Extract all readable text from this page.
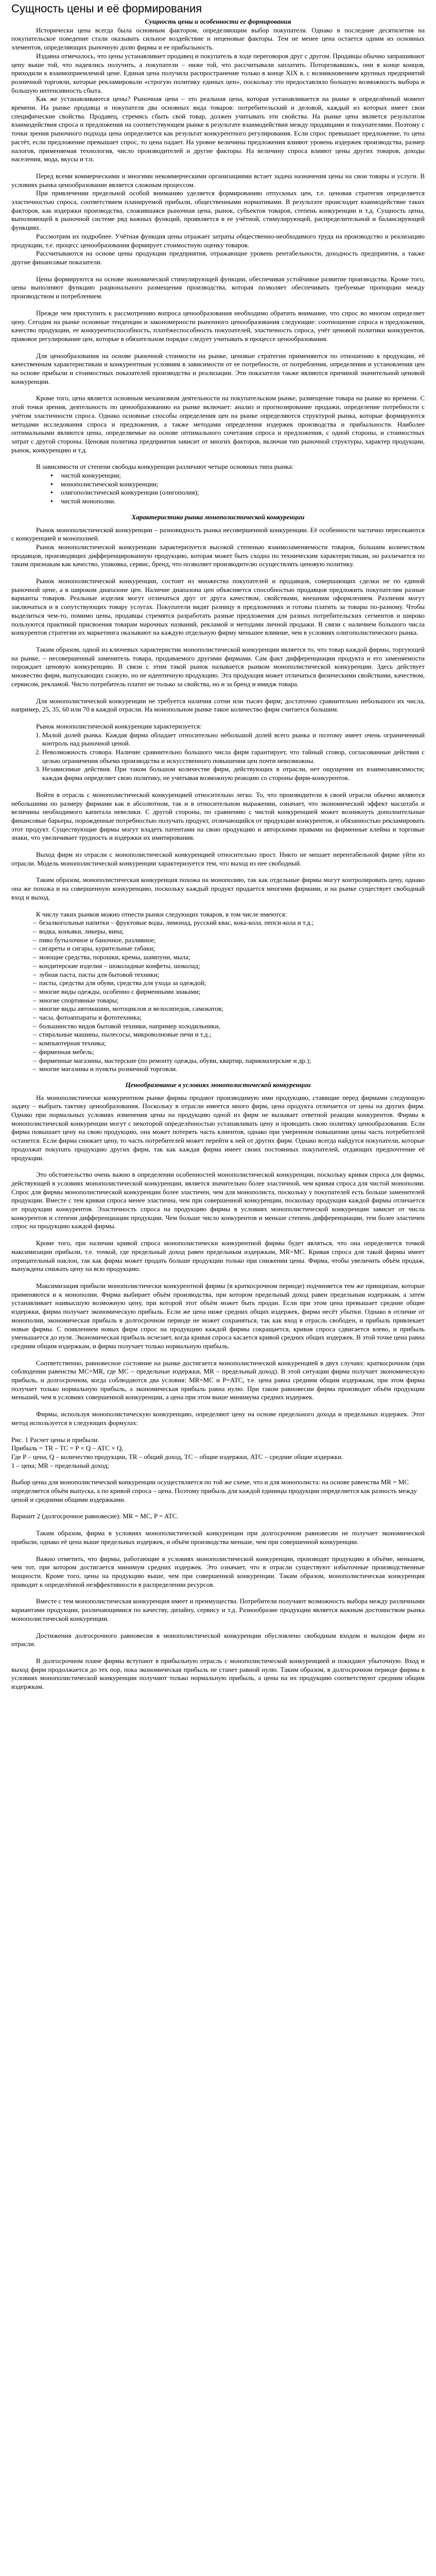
Сущность цены и её формирования
Сущность цены и особенности ее формирования

Исторически цена всегда была основным фактором, определяющим выбор покупателя. Однако в последние десятилетия на покупательское поведение стали оказывать сильное воздействие и неценовые факторы. Тем не менее цена остается одним из основных элементов, определяющих рыночную долю фирмы и ее прибыльность.

Издавна отмечалось, что цены устанавливает продавец и покупатель в ходе переговоров друг с другом. Продавцы обычно запрашивают цену выше той, что надеялись получить, а покупатели – ниже той, что рассчитывали заплатить. Поторговавшись, они в конце концов, приходили к взаимоприемлемой цене. Единая цена получила распространение только в конце XIX в. с возникновением крупных предприятий розничной торговли, которые рекламировали «строгую политику единых цен», поскольку это предоставляло большую возможность выбора и большую интенсивность сбыта.

Как же устанавливаются цены? Рыночная цена – это реальная цена, которая устанавливается на рынке в определённый момент времени. На рынке продавца и покупателя два основных вида товаров: потребительский и деловой, каждый из которых имеет свои специфические свойства. Продавец, стремясь сбыть свой товар, должен учитывать эти свойства. На рынке цена является результатом взаимодействия спроса и предложения на соответствующем рынке в результате взаимодействия между продавцами и покупателями. Поэтому с точки зрения рыночного подхода цена определяется как результат конкурентного регулирования. Если спрос превышает предложение, то цена растёт, если предложение превышает спрос, то цена падает. На уровне величины предложения влияют уровень издержек производства, размер налогов, применяемая технология, число производителей и другие факторы. На величину спроса влияют цены других товаров, доходы населения, мода, вкусы и т.п.

Перед всеми коммерческими и многими некоммерческими организациями встает задача назначения цены на свои товары и услуги. В условиях рынка ценообразование является сложным процессом.

При привлечении предельной особой вниманию уделяется формированию отпускных цен, т.е. ценовая стратегия определяется эластичностью спроса, соответствием планируемой прибыли, общественными нормативами. В результате происходит взаимодействие таких факторов, как издержки производства, сложившаяся рыночная цена, рынок, субъектов товаров, степень конкуренции и т.д. Сущность цены, выполняющей в рыночной системе ряд важных функций, проявляется в ее учётной, стимулирующей, распределительной и балансирующей функциях.

Рассмотрим их подробнее. Учётная функция цены отражает затраты общественно-необходимого труда на производство и реализацию продукции, т.е. процесс ценообразования формирует стоимостную оценку товаров.

Рассчитываются на основе цены продукции предприятия, отражающие уровень рентабельности, доходность предприятия, а также другие финансовые показатели.

Цены формируются на основе экономической стимулирующей функции, обеспечивая устойчивое развитие производства. Кроме того, цены выполняют функцию рационального размещения производства, которая позволяет обеспечивать требуемые пропорции между производством и потреблением.

Прежде чем приступить к рассмотрению вопроса ценообразования необходимо обратить внимание, что спрос во многом определяет цену. Сегодня на рынке основные тенденции и закономерности рыночного ценообразования следующие: соотношение спроса и предложения, качество продукции, ее конкурентоспособность, платёжеспособность покупателей, эластичность спроса, учёт ценовой политики конкурентов, правовое регулирование цен, которые в обязательном порядке следует учитывать в процессе ценообразования.

Для ценообразования на основе рыночной стоимости на рынке, ценовые стратегии применяются по отношению к продукции, её качественным характеристикам и конкурентным условиям в зависимости от ее потребности, от потребления, определения и установления цен на основе прибыли и стоимостных показателей производства и реализации. Эти показатели также являются причиной значительной ценовой конкуренции.

Кроме того, цена является основным механизмом деятельности на покупательском рынке, размещение товара на рынке во времени. С этой точки зрения, деятельность по ценообразованию на рынке включает: анализ и прогнозирование продажи, определение потребности с учётом эластичности спроса. Однако основные способы определения цен на рынке определяются структурой рынка, которые формируются методами исследования спроса и предложения, а также методами определения издержек производства и прибыльности. Наиболее оптимальными являются цены, определяемые на основе оптимального сочетания спроса и предложения, с одной стороны, и стоимостных затрат с другой стороны. Ценовая политика предприятия зависит от многих факторов, включая тип рыночной структуры, характер продукции, рынок, конкуренцию и т.д.

В зависимости от степени свободы конкуренции различают четыре основных типа рынка:

● чистой конкуренции;
● монополистической конкуренции;
● олигополистической конкуренции (олигополия);
● чистой монополии.
Характеристика рынка монополистической конкуренции

Рынок монополистической конкуренции – разновидность рынка несовершенной конкуренции. Её особенности частично пересекаются с конкуренцией и монополией.

Рынок монополистической конкуренции характеризуется высокой степенью взаимозаменяемости товаров, большим количеством продавцов, производящих дифференцированную продукцию, которая может быть сходна по техническим характеристикам, но различается по таким признакам как качество, упаковка, сервис, бренд, что позволяет производителю осуществлять ценовую политику.

Рынок монополистической конкуренции, состоит из множества покупателей и продавцов, совершающих сделки не по единой рыночной цене, а в широком диапазоне цен. Наличие диапазона цен объясняется способностью продавцов предложить покупателям разные варианты товаров. Реальные изделия могут отличаться друг от друга качеством, свойствами, внешним оформлением. Различия могут заключаться и в сопутствующих товару услугах. Покупатели видят разницу в предложениях и готовы платить за товары по-разному. Чтобы выделиться чем-то, помимо цены, продавцы стремятся разработать разные предложения для разных потребительских сегментов и широко пользуются практикой присвоения товарам марочных названий, рекламой и методами личной продажи. В связи с наличием большого числа конкурентов стратегии их маркетинга оказывают на каждую отдельную фирму меньшее влияние, чем в условиях олигополистического рынка.

Таким образом, одной из ключевых характеристик монополистической конкуренции является то, что товар каждой фирмы, торгующей на рынке, – несовершенный заменитель товара, продаваемого другими фирмами. Сам факт дифференциации продукта и его заменяемости порождает ценовую конкуренцию. В связи с этим такой рынок называется рынком монополистической конкуренции. Здесь действует множество фирм, выпускающих схожую, но не идентичную продукцию. Эта продукция может отличаться физическими свойствами, качеством, сервисом, рекламой. Чисто потребитель платит не только за свойства, но и за бренд и имидж товара.

Для монополистической конкуренции не требуется наличия сотни или тысяч фирм; достаточно сравнительно небольшого их числа, например, 25, 35, 60 или 70 в каждой отрасли. На монопольном рынке такое количество фирм считается большим.

Рынок монополистической конкуренции характеризуется:

1. Малой долей рынка. Каждая фирма обладает относительно небольшой долей всего рынка и поэтому имеет очень ограниченный контроль над рыночной ценой.
2. Невозможность сговора. Наличие сравнительно большого числа фирм гарантирует, что тайный сговор, согласованные действия с целью ограничения объема производства и искусственного повышения цен почти невозможны.
3. Независимые действия. При таком большом количестве фирм, действующих в отрасли, нет ощущения их взаимозависимости; каждая фирма определяет свою политику, не учитывая возможную реакцию со стороны фирм-конкурентов.

Войти в отрасль с монополистической конкуренцией относительно легко. То, что производители в своей отрасли обычно являются небольшими по размеру фирмами как в абсолютном, так и в относительном выражении, означает, что экономический эффект масштаба и величины необходимого капитала невелики. С другой стороны, по сравнению с чистой конкуренцией может возникнуть дополнительные финансовые барьеры, порожденные потребностью получать продукт, отличающийся от продукции конкурентов, и обязанностью рекламировать этот продукт. Существующие фирмы могут владеть патентами на свою продукцию и авторскими правами на фирменные клейма и торговые знаки, что увеличивает трудность и издержки их имитирования.

Выход фирм из отрасли с монополистической конкуренцией относительно прост. Никто не мешает нерентабельной фирме уйти из отрасли. Модель монополистической конкуренции характеризуется тем, что выход из нее свободный.

Таким образом, монополистическая конкуренция похожа на монополию, так как отдельные фирмы могут контролировать цену, однако она же похожа и на совершенную конкуренцию, поскольку каждый продукт продается многими фирмами, и на рынке существует свободный вход и выход.

К числу таких рынков можно отнести рынки следующих товаров, в том числе имеются:

– безалкогольные напитки – фруктовые воды, лимонад, русский квас, кока-кола, пепси-кола и т.д.;
– водка, коньяки, ликеры, вина;
– пиво бутылочное и баночное, разливное;
– сигареты и сигары, курительные табаки;
– моющие средства, порошки, кремы, шампуни, мыла;
– кондитерские изделия – шоколадные конфеты, шоколад;
– зубная паста, пасты для бытовой техники;
– пасты, средства для обуви, средства для ухода за одеждой;
– многие виды одежды, особенно с фирменными знаками;
– многие спортивные товары;
– многие виды автомашин, мотоциклов и велосипедов, самокатов;
– часы, фотоаппараты и фототехника;
– большинство видов бытовой техники, например холодильники,
– стиральные машины, пылесосы, микроволновые печи и т.д.;
– компьютерная техника;
– фирменная мебель;
– фирменные магазины, мастерские (по ремонту одежды, обуви, квартир, парикмахерские и др.);
– многие магазины и пункты розничной торговли.
Ценообразование в условиях монополистической конкуренции

На монополистически конкурентном рынке фирмы продают производимую ими продукцию, ставящие перед фирмами следующую задачу – выбрать тактику ценообразования. Поскольку в отрасли имеется много фирм, цена продукта отличается от цены на других фирм. Однако при нормальных условиях изменения цены на продукцию одной из фирм не вызывает ответной реакции конкурентов. Фирмы в монополистической конкуренции могут с некоторой определённостью устанавливать цену и проводить свою политику ценообразования. Если фирма повышает цену на свою продукцию, она может потерять часть клиентов, однако при умеренном повышении цены часть потребителей останется. Если фирма снижает цену, то часть потребителей может перейти к ней от других фирм. Однако всегда найдутся покупатели, которые продолжат покупать продукцию других фирм, так как каждая фирма имеет своих постоянных покупателей, отдающих предпочтение её продукции.

Это обстоятельство очень важно в определении особенностей монополистической конкуренции, поскольку кривая спроса для фирмы, действующей в условиях монополистической конкуренции, является значительно более эластичной, чем кривая спроса для чистой монополии. Спрос для фирмы монополистической конкуренции более эластичен, чем для монополиста, поскольку у покупателей есть больше заменителей продукции. Вместе с тем кривая спроса менее эластична, чем при совершенной конкуренции, поскольку продукция каждой фирмы отличается от продукции конкурентов. Эластичность спроса на продукцию фирмы в условиях монополистической конкуренции зависит от числа конкурентов и степени дифференциации продукции. Чем больше число конкурентов и меньше степень дифференциации, тем более эластичен спрос на продукцию каждой фирмы.

Кроме того, при наличии кривой спроса монополистически конкурентной фирмы будет являться, что она определяется точкой максимизации прибыли, т.е. точкой, где предельный доход равен предельным издержкам, MR=MC. Кривая спроса для такой фирмы имеет отрицательный наклон, так как фирма может продать больше продукции только при снижении цены. Фирма, чтобы увеличить объём продаж, вынуждена снижать цену на всю продукцию.

Максимизация прибыли монополистически конкурентной фирмы (в краткосрочном периоде) подчиняется тем же принципам, которые применяются и к монополии. Фирма выбирает объём производства, при котором предельный доход равен предельным издержкам, а затем устанавливает наивысшую возможную цену, при которой этот объём может быть продан. Если при этом цена превышает средние общие издержки, фирма получает экономическую прибыль. Если же цена ниже средних общих издержек, фирма несёт убытки. Однако в отличие от монополии, экономическая прибыль в долгосрочном периоде не может сохраняться, так как вход в отрасль свободен, и прибыль привлекает новые фирмы. С появлением новых фирм спрос на продукцию каждой фирмы сокращается, кривая спроса сдвигается влево, и прибыль уменьшается до нуля. Экономическая прибыль исчезает, когда кривая спроса касается кривой средних общих издержек. В этой точке цена равна средним общим издержкам, и фирма получает только нормальную прибыль.

Соответственно, равновесное состояние на рынке достигается монополистической конкуренцией в двух случаях: краткосрочном (при соблюдении равенства MC=MR, где MC – предельные издержки, MR – предельный доход). В этой ситуации фирма получает экономическую прибыль, и долгосрочном, когда соблюдаются два условия: MR=MC и P=ATC, т.е. цена равна средним общим издержкам, при этом фирма получает только нормальную прибыль, а экономическая прибыль равна нулю. При таком равновесии фирма производит объём продукции меньший, чем в условиях совершенной конкуренции, а цена при этом выше минимума средних издержек.

Фирмы, используя монополистическую конкуренцию, определяют цену на основе предельного дохода и предельных издержек. Этот метод используется в следующих формулах:

Рис. 1 Расчет цены и прибыли.

Прибыль = TR – TC = P × Q – ATC × Q,

Где P – цена, Q – количество продукции, TR – общий доход, TC – общие издержки, ATC – средние общие издержки.

1 – цена; MR – предельный доход;

Выбор цены для монополистической конкуренции осуществляется по той же схеме, что и для монополиста: на основе равенства MR = MC определяется объём выпуска, а по кривой спроса – цена. Поэтому прибыль для каждой единицы продукции определяется как разность между ценой и средними общими издержками.

Вариант 2 (долгосрочное равновесие): MR = MC, P = ATC.

Таким образом, фирма в условиях монополистической конкуренции при долгосрочном равновесии не получает экономической прибыли, однако её цена выше предельных издержек, и объём производства меньше, чем при совершенной конкуренции.

Важно отметить, что фирмы, работающие в условиях монополистической конкуренции, производят продукцию в объёме, меньшем, чем тот, при котором достигается минимум средних издержек. Это означает, что в отрасли существуют избыточные производственные мощности. Кроме того, цены на продукцию выше, чем при совершенной конкуренции. Таким образом, монополистическая конкуренция приводит к определённой неэффективности в распределении ресурсов.

Вместе с тем монополистическая конкуренция имеет и преимущества. Потребители получают возможность выбора между различными вариантами продукции, различающимися по качеству, дизайну, сервису и т.д. Разнообразие продукции является важным достоинством рынка монополистической конкуренции.

Достижения долгосрочного равновесия в монополистической конкуренции обусловлено свободным входом и выходом фирм из отрасли.

В долгосрочном плане фирмы вступают в прибыльную отрасль с монополистической конкуренцией и покидают убыточную. Вход и выход фирм продолжается до тех пор, пока экономическая прибыль не станет равной нулю. Таким образом, в долгосрочном периоде фирмы в условиях монополистической конкуренции получают только нормальную прибыль, а цены на их продукцию соответствуют средним общим издержкам.
